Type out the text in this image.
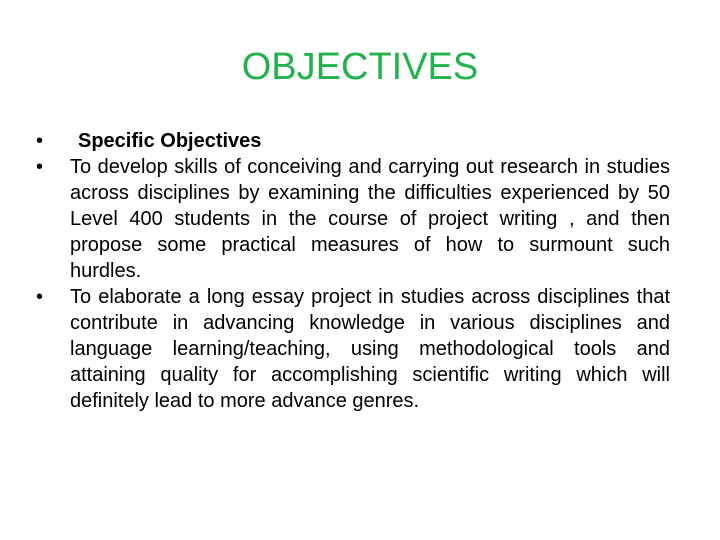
OBJECTIVES
•	Specific Objectives
•	To develop skills of conceiving and carrying out research in studies across disciplines by examining the difficulties experienced by 50 Level 400 students in the course of project writing , and then propose some practical measures of how to surmount such hurdles.
•	To elaborate a long essay project in studies across disciplines that contribute in advancing knowledge in various disciplines and language learning/teaching, using methodological tools and attaining quality for accomplishing scientific writing which will definitely lead to more advance genres.
